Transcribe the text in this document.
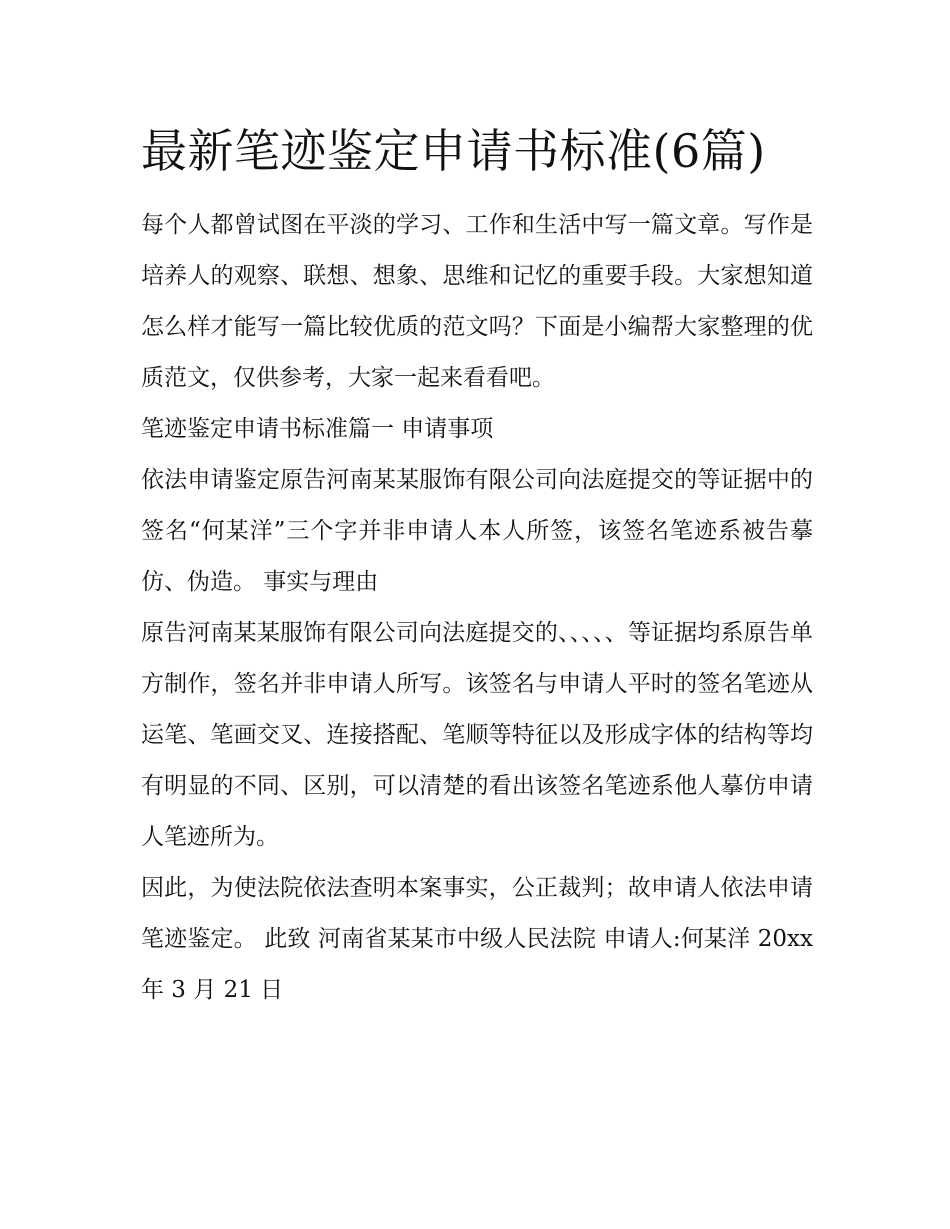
最新笔迹鉴定申请书标准(6篇)

每个人都曾试图在平淡的学习、工作和生活中写一篇文章。写作是培养人的观察、联想、想象、思维和记忆的重要手段。大家想知道怎么样才能写一篇比较优质的范文吗？下面是小编帮大家整理的优质范文，仅供参考，大家一起来看看吧。

笔迹鉴定申请书标准篇一 申请事项

依法申请鉴定原告河南某某服饰有限公司向法庭提交的等证据中的签名“何某洋”三个字并非申请人本人所签，该签名笔迹系被告摹仿、伪造。 事实与理由

原告河南某某服饰有限公司向法庭提交的、、、、、等证据均系原告单方制作，签名并非申请人所写。该签名与申请人平时的签名笔迹从运笔、笔画交叉、连接搭配、笔顺等特征以及形成字体的结构等均有明显的不同、区别，可以清楚的看出该签名笔迹系他人摹仿申请人笔迹所为。

因此，为使法院依法查明本案事实，公正裁判；故申请人依法申请笔迹鉴定。 此致 河南省某某市中级人民法院 申请人:何某洋 20xx 年 3 月 21 日
